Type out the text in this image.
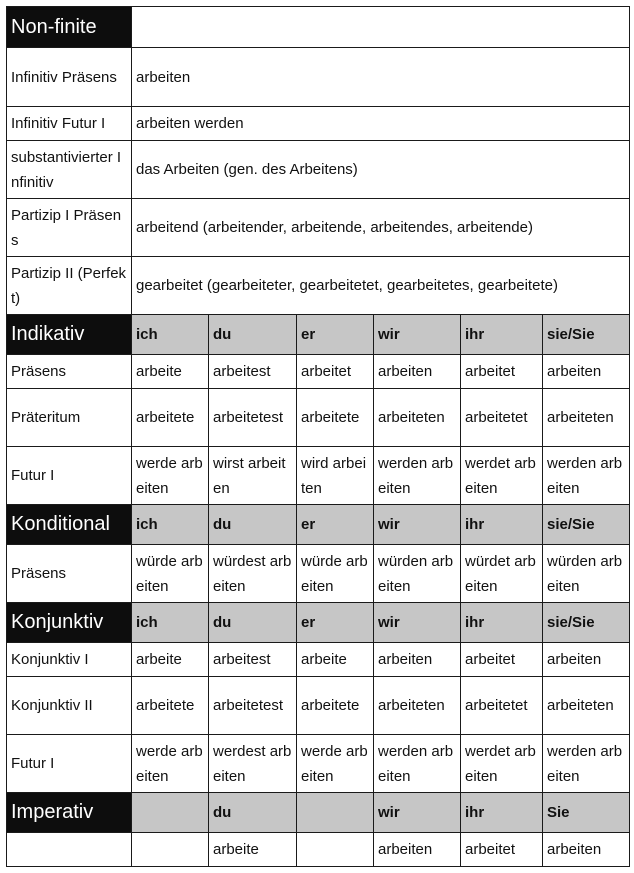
Non-finite						
Infinitiv Präsens	arbeiten					
Infinitiv Futur I	arbeiten werden					
substantivierter Infinitiv	das Arbeiten (gen. des Arbeitens)					
Partizip I Präsens	arbeitend (arbeitender, arbeitende, arbeitendes, arbeitende)					
Partizip II (Perfekt)	gearbeitet (gearbeiteter, gearbeitetet, gearbeitetes, gearbeitete)					
Indikativ	ich	du	er	wir	ihr	sie/Sie
Präsens	arbeite	arbeitest	arbeitet	arbeiten	arbeitet	arbeiten
Präteritum	arbeitete	arbeitetest	arbeitete	arbeiteten	arbeitetet	arbeiteten
Futur I	werde arbeiten	wirst arbeiten	wird arbeiten	werden arbeiten	werdet arbeiten	werden arbeiten
Konditional	ich	du	er	wir	ihr	sie/Sie
Präsens	würde arbeiten	würdest arbeiten	würde arbeiten	würden arbeiten	würdet arbeiten	würden arbeiten
Konjunktiv	ich	du	er	wir	ihr	sie/Sie
Konjunktiv I	arbeite	arbeitest	arbeite	arbeiten	arbeitet	arbeiten
Konjunktiv II	arbeitete	arbeitetest	arbeitete	arbeiteten	arbeitetet	arbeiteten
Futur I	werde arbeiten	werdest arbeiten	werde arbeiten	werden arbeiten	werdet arbeiten	werden arbeiten
Imperativ		du		wir	ihr	Sie
		arbeite		arbeiten	arbeitet	arbeiten
